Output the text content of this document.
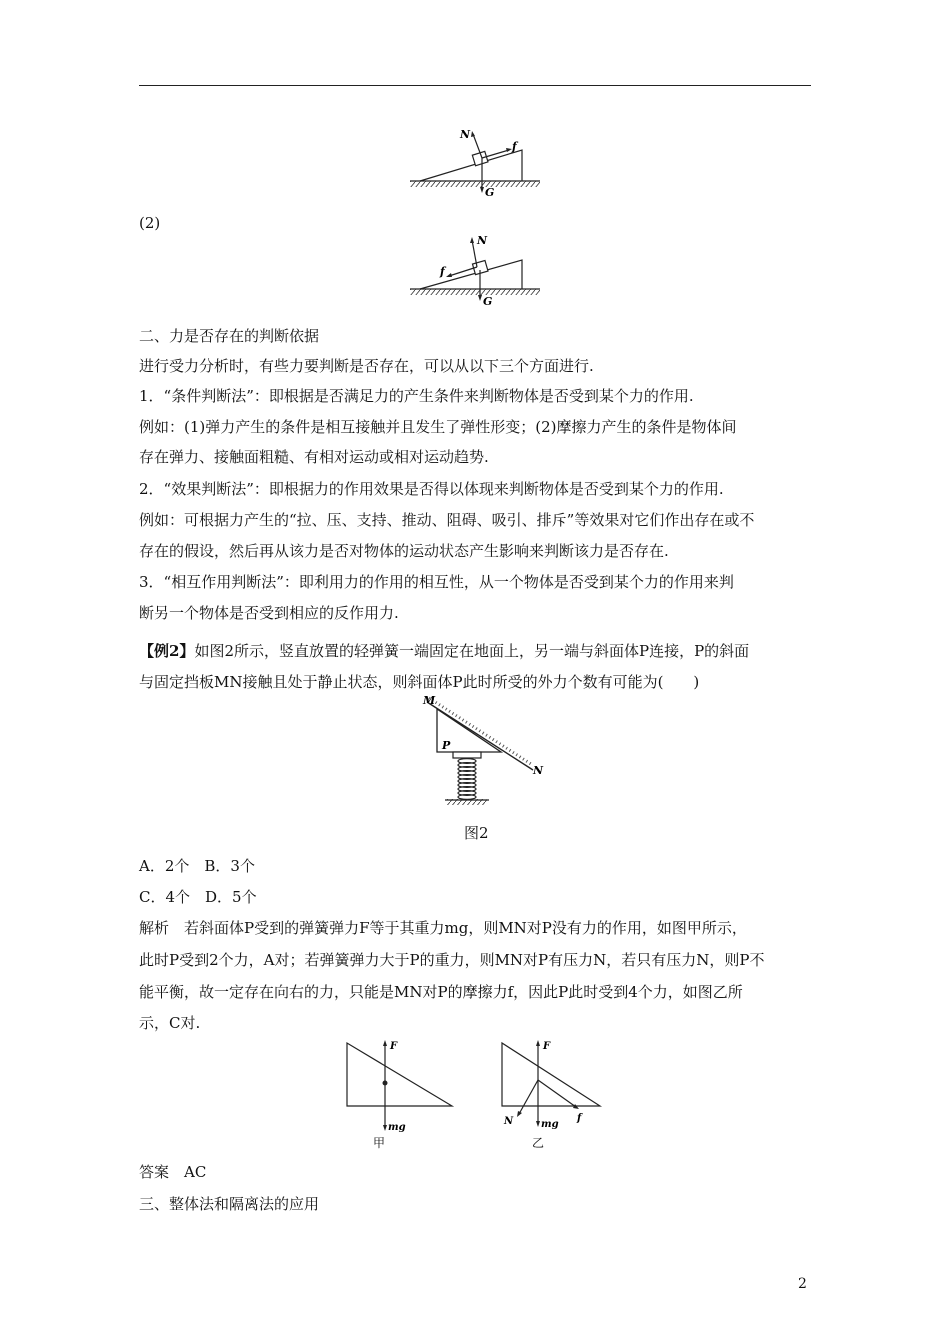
N
f
G
(2)
N
f
G
二、力是否存在的判断依据
进行受力分析时，有些力要判断是否存在，可以从以下三个方面进行.
1．“条件判断法”：即根据是否满足力的产生条件来判断物体是否受到某个力的作用.
例如：(1)弹力产生的条件是相互接触并且发生了弹性形变；(2)摩擦力产生的条件是物体间
存在弹力、接触面粗糙、有相对运动或相对运动趋势.
2．“效果判断法”：即根据力的作用效果是否得以体现来判断物体是否受到某个力的作用.
例如：可根据力产生的“拉、压、支持、推动、阻碍、吸引、排斥”等效果对它们作出存在或不
存在的假设，然后再从该力是否对物体的运动状态产生影响来判断该力是否存在.
3．“相互作用判断法”：即利用力的作用的相互性，从一个物体是否受到某个力的作用来判
断另一个物体是否受到相应的反作用力.
【例2】如图2所示，竖直放置的轻弹簧一端固定在地面上，另一端与斜面体P连接，P的斜面
与固定挡板MN接触且处于静止状态，则斜面体P此时所受的外力个数有可能为(　　)
M
P
N
图2
A．2个　B．3个
C．4个　D．5个
解析　若斜面体P受到的弹簧弹力F等于其重力mg，则MN对P没有力的作用，如图甲所示，
此时P受到2个力，A对；若弹簧弹力大于P的重力，则MN对P有压力N，若只有压力N，则P不
能平衡，故一定存在向右的力，只能是MN对P的摩擦力f，因此P此时受到4个力，如图乙所
示，C对.
F
mg
甲
F
N	mg
f
乙
答案　AC
三、整体法和隔离法的应用
2
